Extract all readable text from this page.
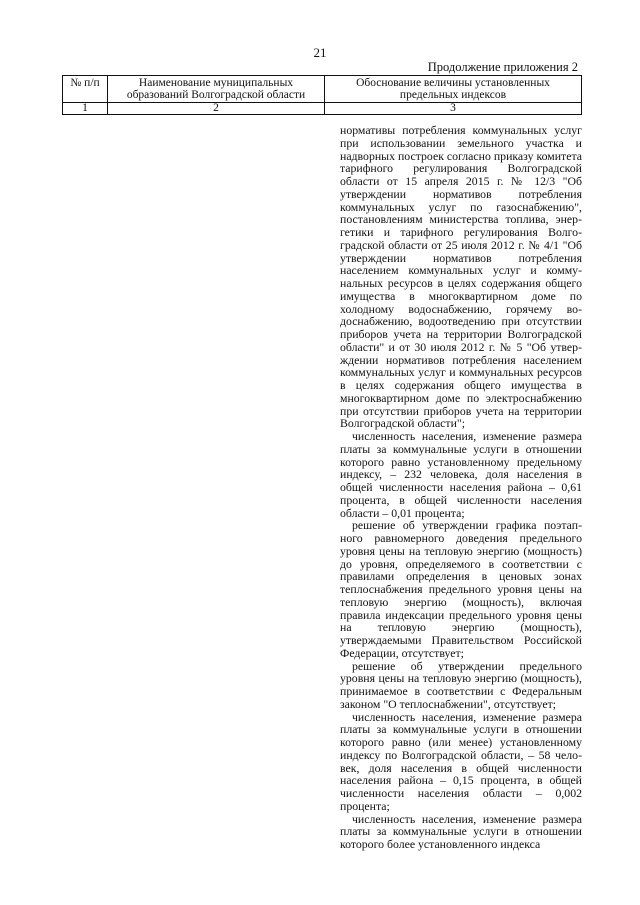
21
Продолжение приложения 2
№ п/п	Наименование муниципальных образований Волгоградской области	Обоснование величины установленных предельных индексов
1	2	3

нормативы потребления коммунальных услуг при использовании земельного участка и надворных построек согласно приказу комитета тарифного регулирования Волгоградской области от 15 апреля 2015 г. № 12/3 "Об утверждении нормативов потребления коммунальных услуг по газоснабжению", постановлениям министерства топлива, энергетики и тарифного регулирования Волгоградской области от 25 июля 2012 г. № 4/1 "Об утверждении нормативов потребления населением коммунальных услуг и коммунальных ресурсов в целях содержания общего имущества в многоквартирном доме по холодному водоснабжению, горячему водоснабжению, водоотведению при отсутствии приборов учета на территории Волгоградской области" и от 30 июля 2012 г. № 5 "Об утверждении нормативов потребления населением коммунальных услуг и коммунальных ресурсов в целях содержания общего имущества в многоквартирном доме по электроснабжению при отсутствии приборов учета на территории Волгоградской области";

численность населения, изменение размера платы за коммунальные услуги в отношении которого равно установленному предельному индексу, – 232 человека, доля населения в общей численности населения района – 0,61 процента, в общей численности населения области – 0,01 процента;

решение об утверждении графика поэтапного равномерного доведения предельного уровня цены на тепловую энергию (мощность) до уровня, определяемого в соответствии с правилами определения в ценовых зонах теплоснабжения предельного уровня цены на тепловую энергию (мощность), включая правила индексации предельного уровня цены на тепловую энергию (мощность), утверждаемыми Правительством Российской Федерации, отсутствует;

решение об утверждении предельного уровня цены на тепловую энергию (мощность), принимаемое в соответствии с Федеральным законом "О теплоснабжении", отсутствует;

численность населения, изменение размера платы за коммунальные услуги в отношении которого равно (или менее) установленному индексу по Волгоградской области, – 58 человек, доля населения в общей численности населения района – 0,15 процента, в общей численности населения области – 0,002 процента;

численность населения, изменение размера платы за коммунальные услуги в отношении которого более установленного индекса
